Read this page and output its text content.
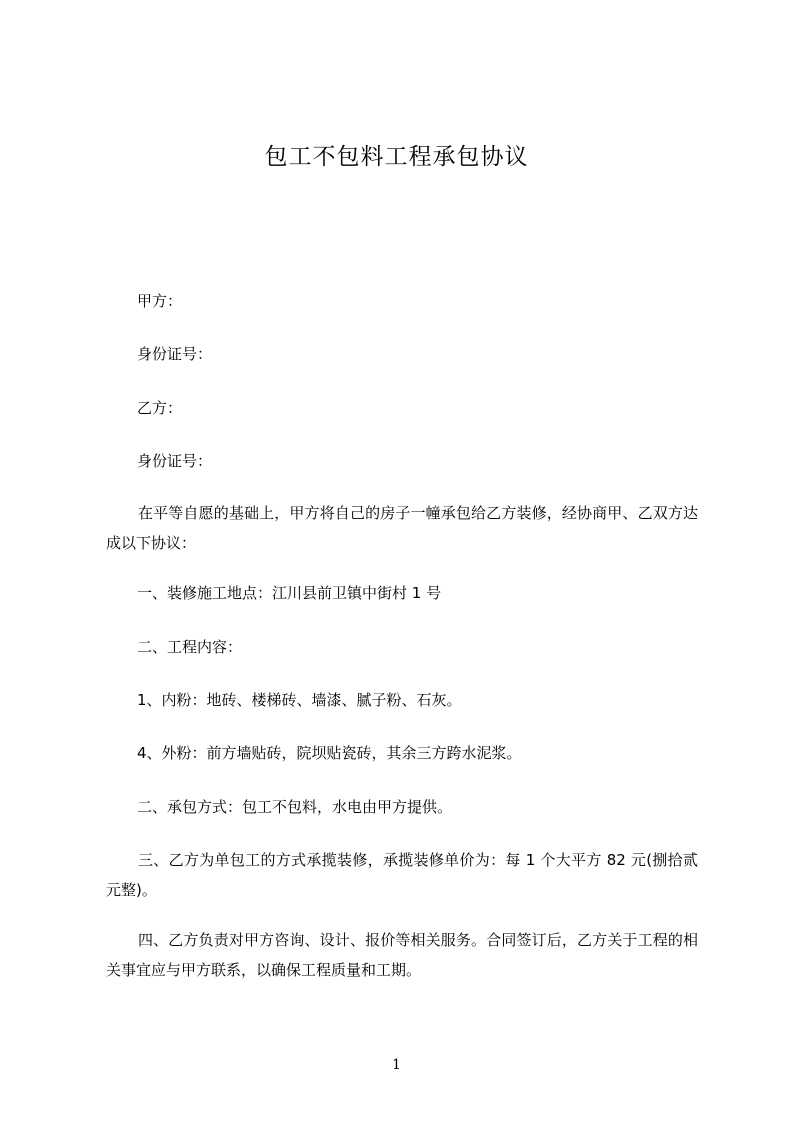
包工不包料工程承包协议

甲方：

身份证号：

乙方：

身份证号：

在平等自愿的基础上，甲方将自己的房子一幢承包给乙方装修，经协商甲、乙双方达成以下协议：

一、装修施工地点：江川县前卫镇中街村 1 号

二、工程内容：

1、内粉：地砖、楼梯砖、墙漆、腻子粉、石灰。

4、外粉：前方墙贴砖，院坝贴瓷砖，其余三方跨水泥浆。

二、承包方式：包工不包料，水电由甲方提供。

三、乙方为单包工的方式承揽装修，承揽装修单价为：每 1 个大平方 82 元(捌拾贰元整)。

四、乙方负责对甲方咨询、设计、报价等相关服务。合同签订后，乙方关于工程的相关事宜应与甲方联系，以确保工程质量和工期。

1
